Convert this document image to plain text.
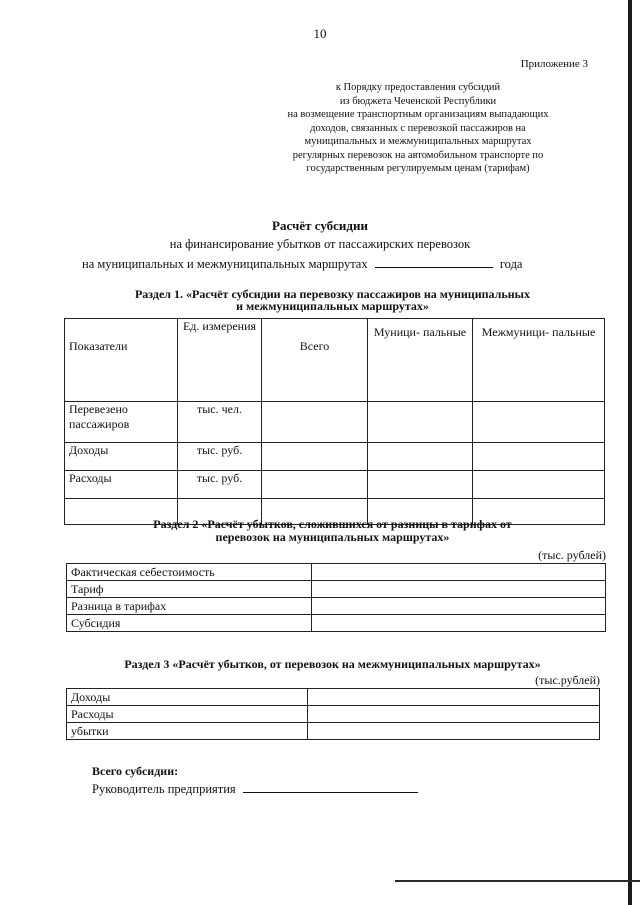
10
Приложение 3
к Порядку предоставления субсидий
из бюджета Чеченской Республики
на возмещение транспортным организациям выпадающих
доходов, связанных с перевозкой пассажиров на
муниципальных и межмуниципальных маршрутах
регулярных перевозок на автомобильном транспорте по
государственным регулируемым ценам (тарифам)
Расчёт субсидии
на финансирование убытков от пассажирских перевозок
на муниципальных и межмуниципальных маршрутах	года
Раздел 1. «Расчёт субсидии на перевозку пассажиров на муниципальных
и межмуниципальных маршрутах»
Показатели	Ед. измерения	Всего	Муници- пальные	Межмуници- пальные
Перевезено пассажиров	тыс. чел.			
Доходы	тыс. руб.			
Расходы	тыс. руб.			

Раздел 2 «Расчёт убытков, сложившихся от разницы в тарифах от
перевозок на муниципальных маршрутах»
(тыс. рублей)
Фактическая себестоимость	
Тариф	
Разница в тарифах	
Субсидия	
Раздел 3 «Расчёт убытков, от перевозок на межмуниципальных маршрутах»
(тыс.рублей)
Доходы	
Расходы	
убытки	
Всего субсидии:
Руководитель предприятия
